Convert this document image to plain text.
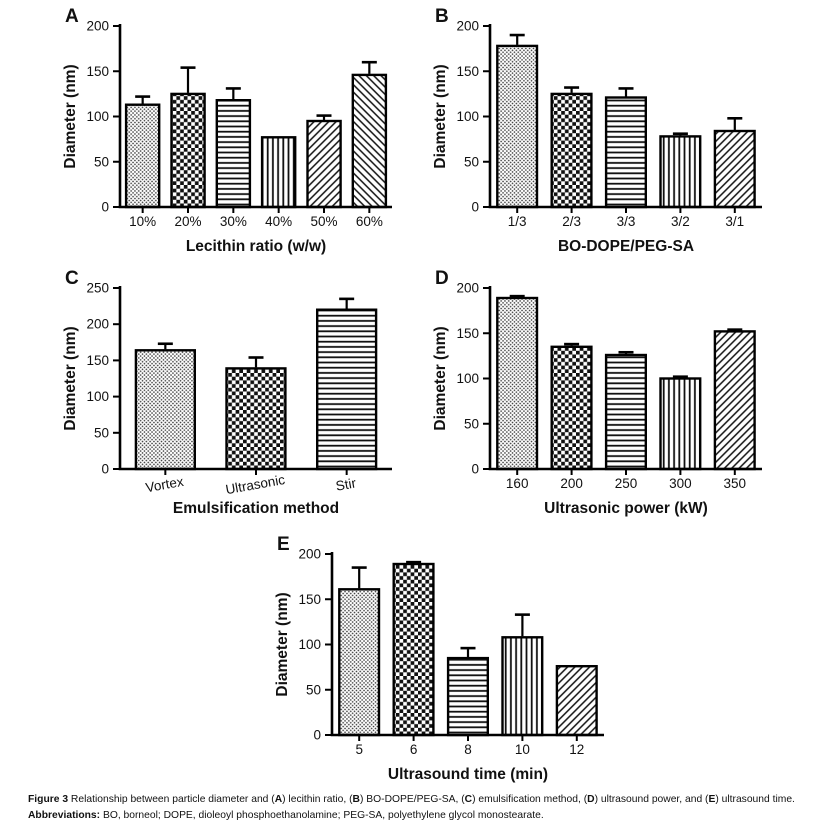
10% 20% 30% 40% 50% 60%
0
50
100
150
200
Lecithin ratio (w/w)
Diameter (nm)
A
1/3	2/3	3/3	3/2	3/1
0
50
100
150
200
BO-DOPE/PEG-SA
Diameter (nm)
B
Vortex	Ultrasonic	Stir
0
50
100
150
200
250
Emulsification method
Diameter (nm)
C
160 200 250 300 350
0
50
100
150
200
Ultrasonic power (kW)
Diameter (nm)
D
5	6	8	10	12
0
50
100
150
200
Ultrasound time (min)
Diameter (nm)
E

Figure 3 Relationship between particle diameter and (A) lecithin ratio, (B) BO-DOPE/PEG-SA, (C) emulsification method, (D) ultrasound power, and (E) ultrasound time.

Abbreviations: BO, borneol; DOPE, dioleoyl phosphoethanolamine; PEG-SA, polyethylene glycol monostearate.
